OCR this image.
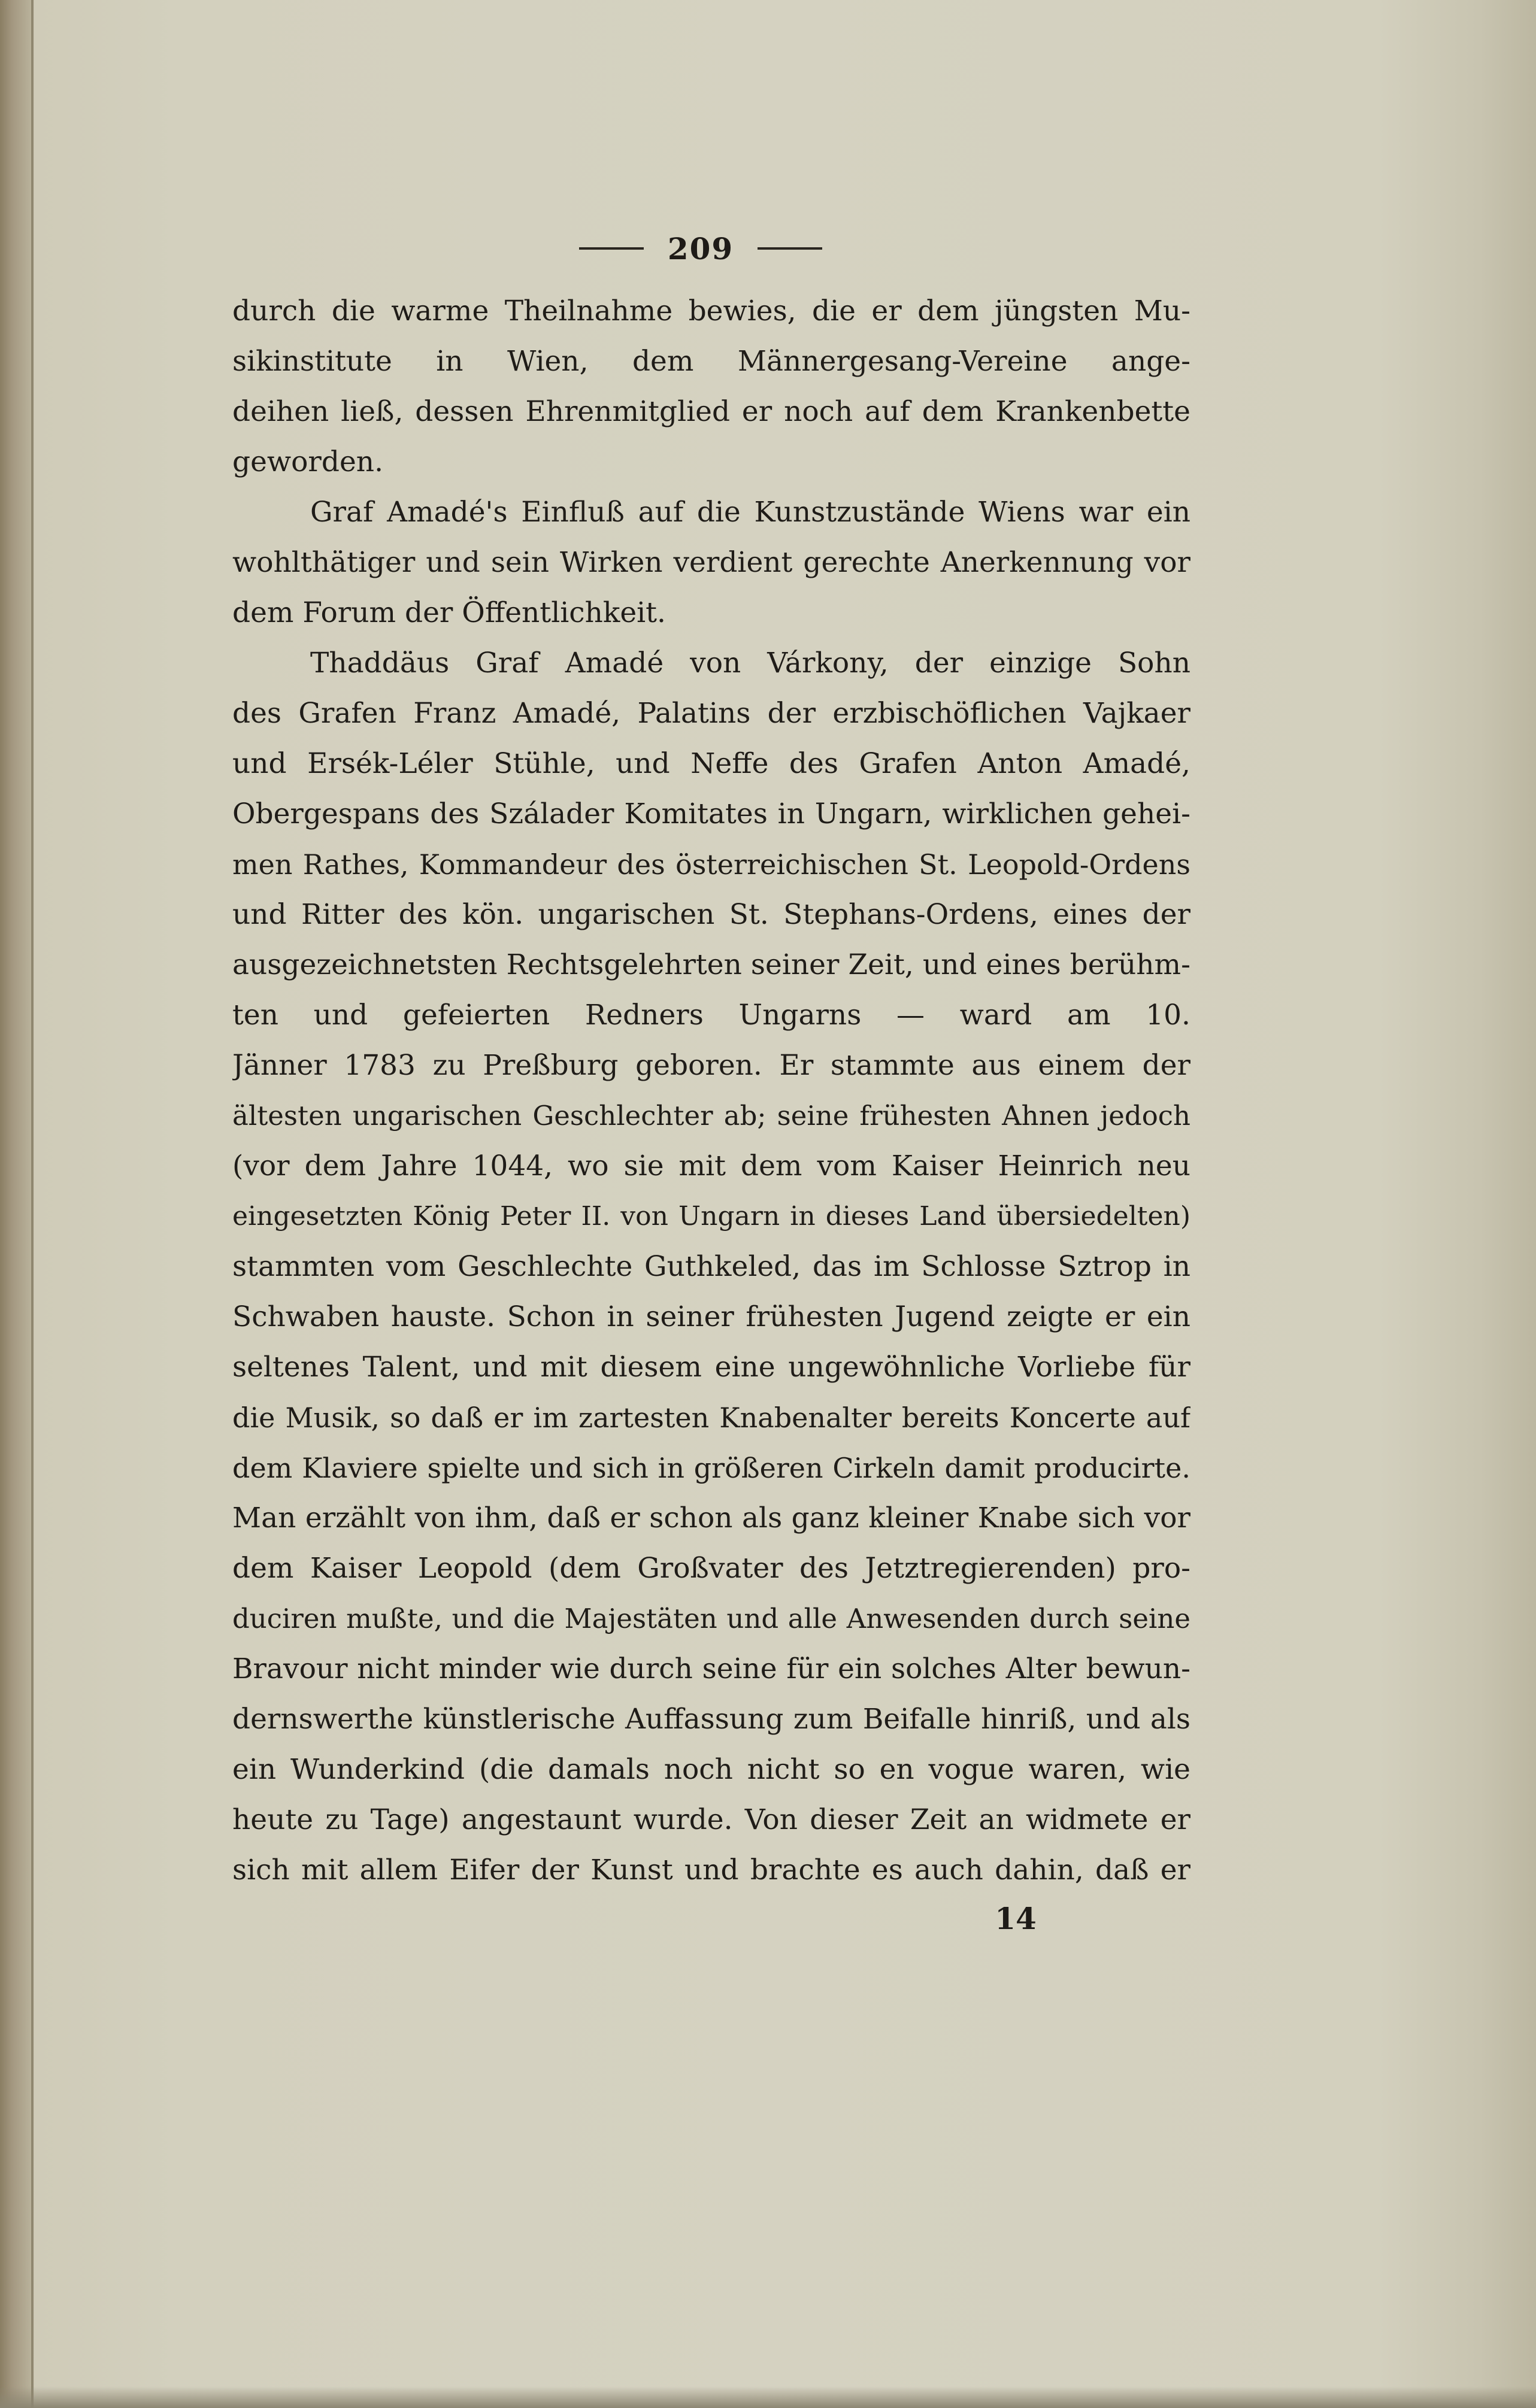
209
durch die warme Theilnahme bewies, die er dem jüngsten Mu-
sikinstitute in Wien, dem Männergesang-Vereine ange-
deihen ließ, dessen Ehrenmitglied er noch auf dem Krankenbette
geworden.
Graf Amadé's Einfluß auf die Kunstzustände Wiens war ein
wohlthätiger und sein Wirken verdient gerechte Anerkennung vor
dem Forum der Öffentlichkeit.
Thaddäus Graf Amadé von Várkony, der einzige Sohn
des Grafen Franz Amadé, Palatins der erzbischöflichen Vajkaer
und Ersék-Léler Stühle, und Neffe des Grafen Anton Amadé,
Obergespans des Szálader Komitates in Ungarn, wirklichen gehei-
men Rathes, Kommandeur des österreichischen St. Leopold-Ordens
und Ritter des kön. ungarischen St. Stephans-Ordens, eines der
ausgezeichnetsten Rechtsgelehrten seiner Zeit, und eines berühm-
ten und gefeierten Redners Ungarns — ward am 10.
Jänner 1783 zu Preßburg geboren. Er stammte aus einem der
ältesten ungarischen Geschlechter ab; seine frühesten Ahnen jedoch
(vor dem Jahre 1044, wo sie mit dem vom Kaiser Heinrich neu
eingesetzten König Peter II. von Ungarn in dieses Land übersiedelten)
stammten vom Geschlechte Guthkeled, das im Schlosse Sztrop in
Schwaben hauste. Schon in seiner frühesten Jugend zeigte er ein
seltenes Talent, und mit diesem eine ungewöhnliche Vorliebe für
die Musik, so daß er im zartesten Knabenalter bereits Koncerte auf
dem Klaviere spielte und sich in größeren Cirkeln damit producirte.
Man erzählt von ihm, daß er schon als ganz kleiner Knabe sich vor
dem Kaiser Leopold (dem Großvater des Jetztregierenden) pro-
duciren mußte, und die Majestäten und alle Anwesenden durch seine
Bravour nicht minder wie durch seine für ein solches Alter bewun-
dernswerthe künstlerische Auffassung zum Beifalle hinriß, und als
ein Wunderkind (die damals noch nicht so en vogue waren, wie
heute zu Tage) angestaunt wurde. Von dieser Zeit an widmete er
sich mit allem Eifer der Kunst und brachte es auch dahin, daß er
14
